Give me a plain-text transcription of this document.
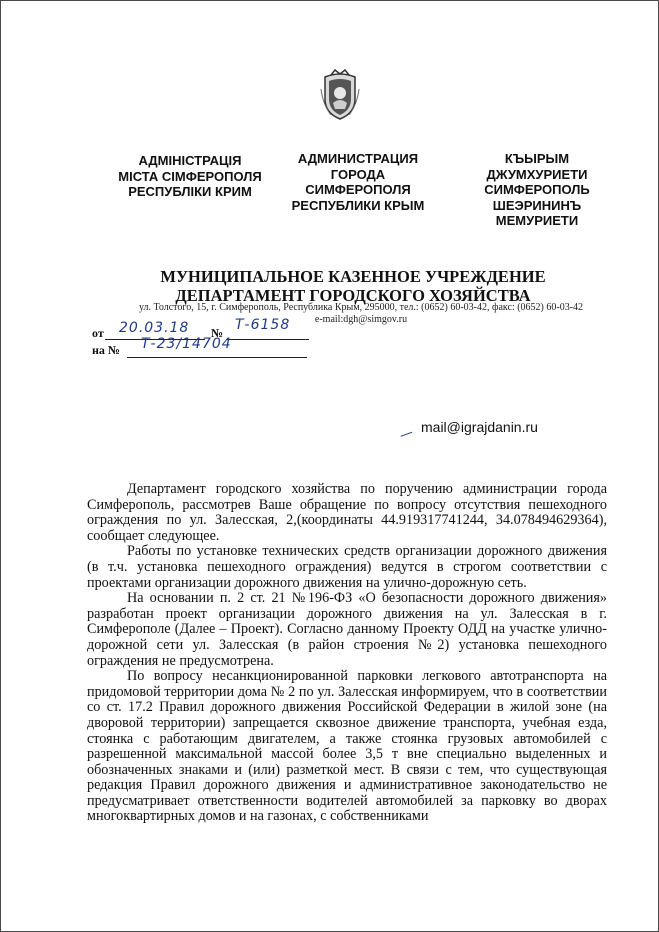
АДМІНІСТРАЦІЯ
МІСТА СІМФЕРОПОЛЯ
РЕСПУБЛІКИ КРИМ
АДМИНИСТРАЦИЯ
ГОРОДА
СИМФЕРОПОЛЯ
РЕСПУБЛИКИ КРЫМ
КЪЫРЫМ
ДЖУМХУРИЕТИ
СИМФЕРОПОЛЬ
ШЕЭРИНИНЪ
МЕМУРИЕТИ
МУНИЦИПАЛЬНОЕ КАЗЕННОЕ УЧРЕЖДЕНИЕ
ДЕПАРТАМЕНТ ГОРОДСКОГО ХОЗЯЙСТВА
ул. Толстого, 15, г. Симферополь, Республика Крым, 295000, тел.: (0652) 60-03-42, факс: (0652) 60-03-42
e-mail:dgh@simgov.ru
от 20.03.18 № Т-6158
на № Т-23/14704
mail@igrajdanin.ru

Департамент городского хозяйства по поручению администрации города Симферополь, рассмотрев Ваше обращение по вопросу отсутствия пешеходного ограждения по ул. Залесская, 2,(координаты 44.919317741244, 34.078494629364), сообщает следующее.

Работы по установке технических средств организации дорожного движения (в т.ч. установка пешеходного ограждения) ведутся в строгом соответствии с проектами организации дорожного движения на улично-дорожную сеть.

На основании п. 2 ст. 21 №196-ФЗ «О безопасности дорожного движения» разработан проект организации дорожного движения на ул. Залесская в г. Симферополе (Далее – Проект). Согласно данному Проекту ОДД на участке улично-дорожной сети ул. Залесская (в район строения №2) установка пешеходного ограждения не предусмотрена.

По вопросу несанкционированной парковки легкового автотранспорта на придомовой территории дома № 2 по ул. Залесская информируем, что в соответствии со ст. 17.2 Правил дорожного движения Российской Федерации в жилой зоне (на дворовой территории) запрещается сквозное движение транспорта, учебная езда, стоянка с работающим двигателем, а также стоянка грузовых автомобилей с разрешенной максимальной массой более 3,5 т вне специально выделенных и обозначенных знаками и (или) разметкой мест. В связи с тем, что существующая редакция Правил дорожного движения и административное законодательство не предусматривает ответственности водителей автомобилей за парковку во дворах многоквартирных домов и на газонах, с собственниками
